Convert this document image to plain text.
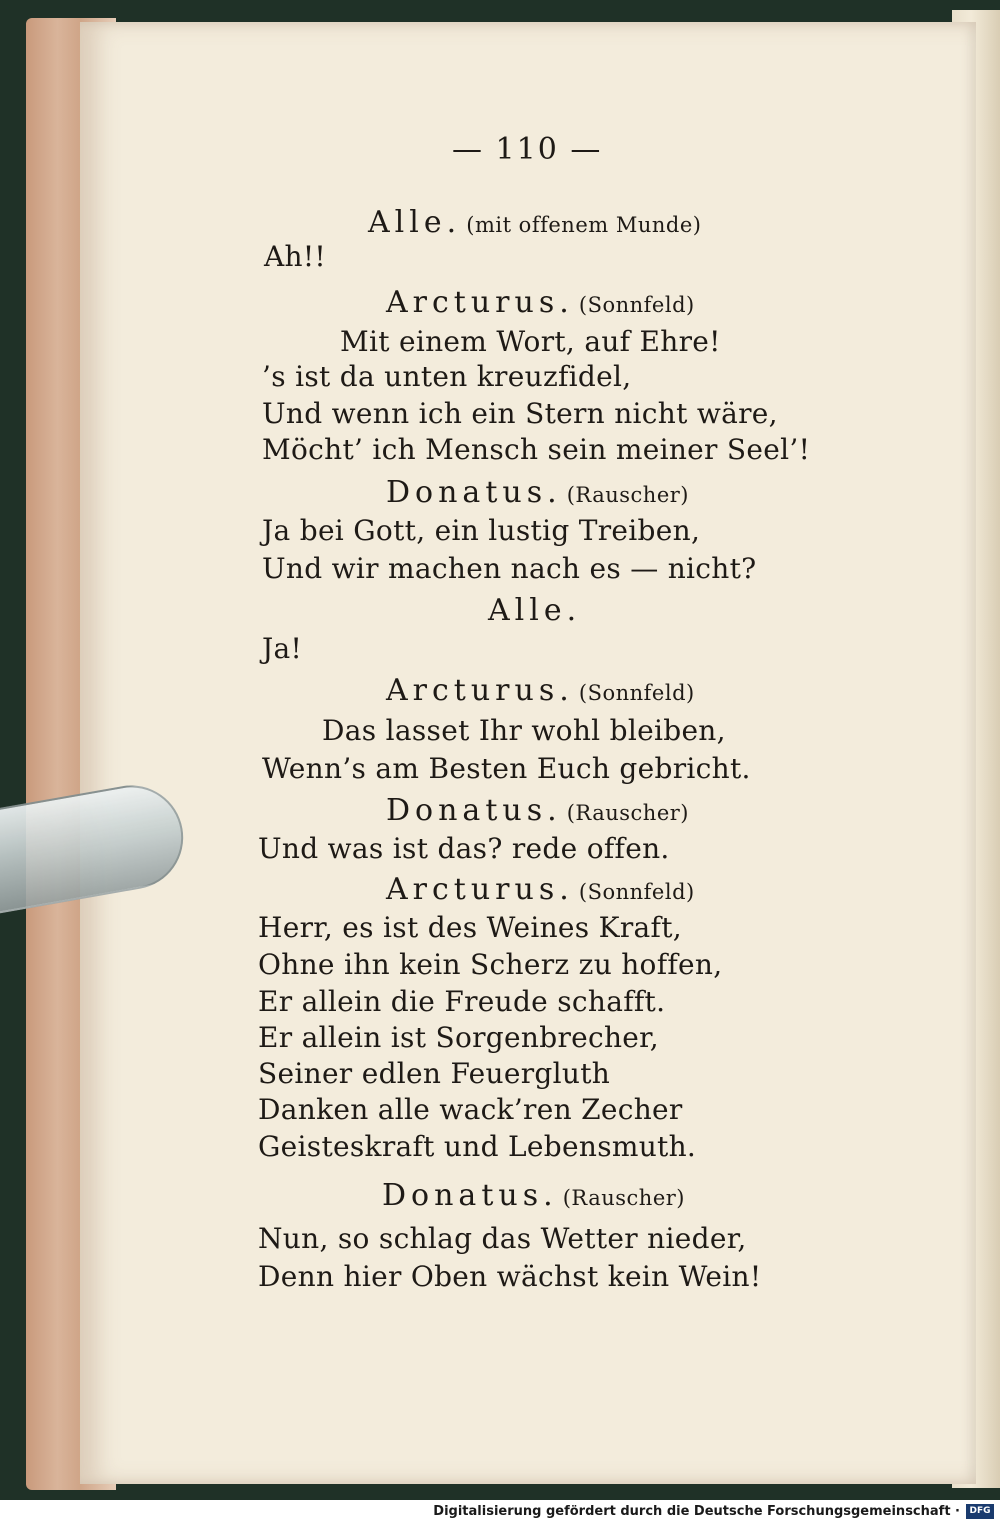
— 110 —
Alle. (mit offenem Munde)
Ah!!
Arcturus. (Sonnfeld)
Mit einem Wort, auf Ehre!
’s ist da unten kreuzfidel,
Und wenn ich ein Stern nicht wäre,
Möcht’ ich Mensch sein meiner Seel’!
Donatus. (Rauscher)
Ja bei Gott, ein lustig Treiben,
Und wir machen nach es — nicht?
Alle.
Ja!
Arcturus. (Sonnfeld)
Das lasset Ihr wohl bleiben,
Wenn’s am Besten Euch gebricht.
Donatus. (Rauscher)
Und was ist das? rede offen.
Arcturus. (Sonnfeld)
Herr, es ist des Weines Kraft,
Ohne ihn kein Scherz zu hoffen,
Er allein die Freude schafft.
Er allein ist Sorgenbrecher,
Seiner edlen Feuergluth
Danken alle wack’ren Zecher
Geisteskraft und Lebensmuth.
Donatus. (Rauscher)
Nun, so schlag das Wetter nieder,
Denn hier Oben wächst kein Wein!
Digitalisierung gefördert durch die Deutsche Forschungsgemeinschaft ·	DFG
